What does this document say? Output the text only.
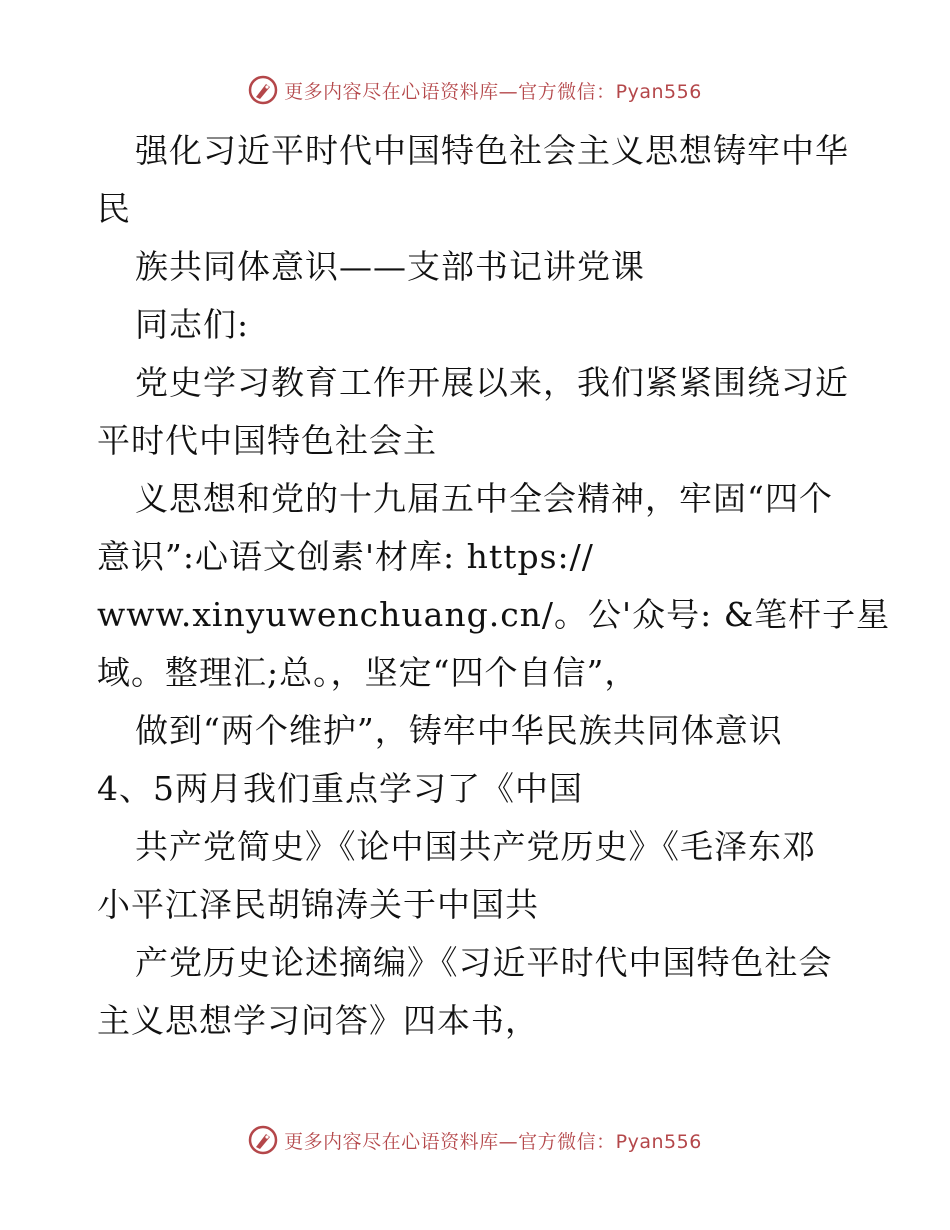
更多内容尽在心语资料库—官方微信：Pyan556
强化习近平时代中国特色社会主义思想铸牢中华
民
族共同体意识——支部书记讲党课
同志们:
党史学习教育工作开展以来，我们紧紧围绕习近
平时代中国特色社会主
义思想和党的十九届五中全会精神，牢固“四个
意识”:心语文创素'材库: https://
www.xinyuwenchuang.cn/。公'众号: &笔杆子星
域。整理汇;总。，坚定“四个自信”，
做到“两个维护”，铸牢中华民族共同体意识
4、5两月我们重点学习了《中国
共产党简史》《论中国共产党历史》《毛泽东邓
小平江泽民胡锦涛关于中国共
产党历史论述摘编》《习近平时代中国特色社会
主义思想学习问答》四本书，
更多内容尽在心语资料库—官方微信：Pyan556
